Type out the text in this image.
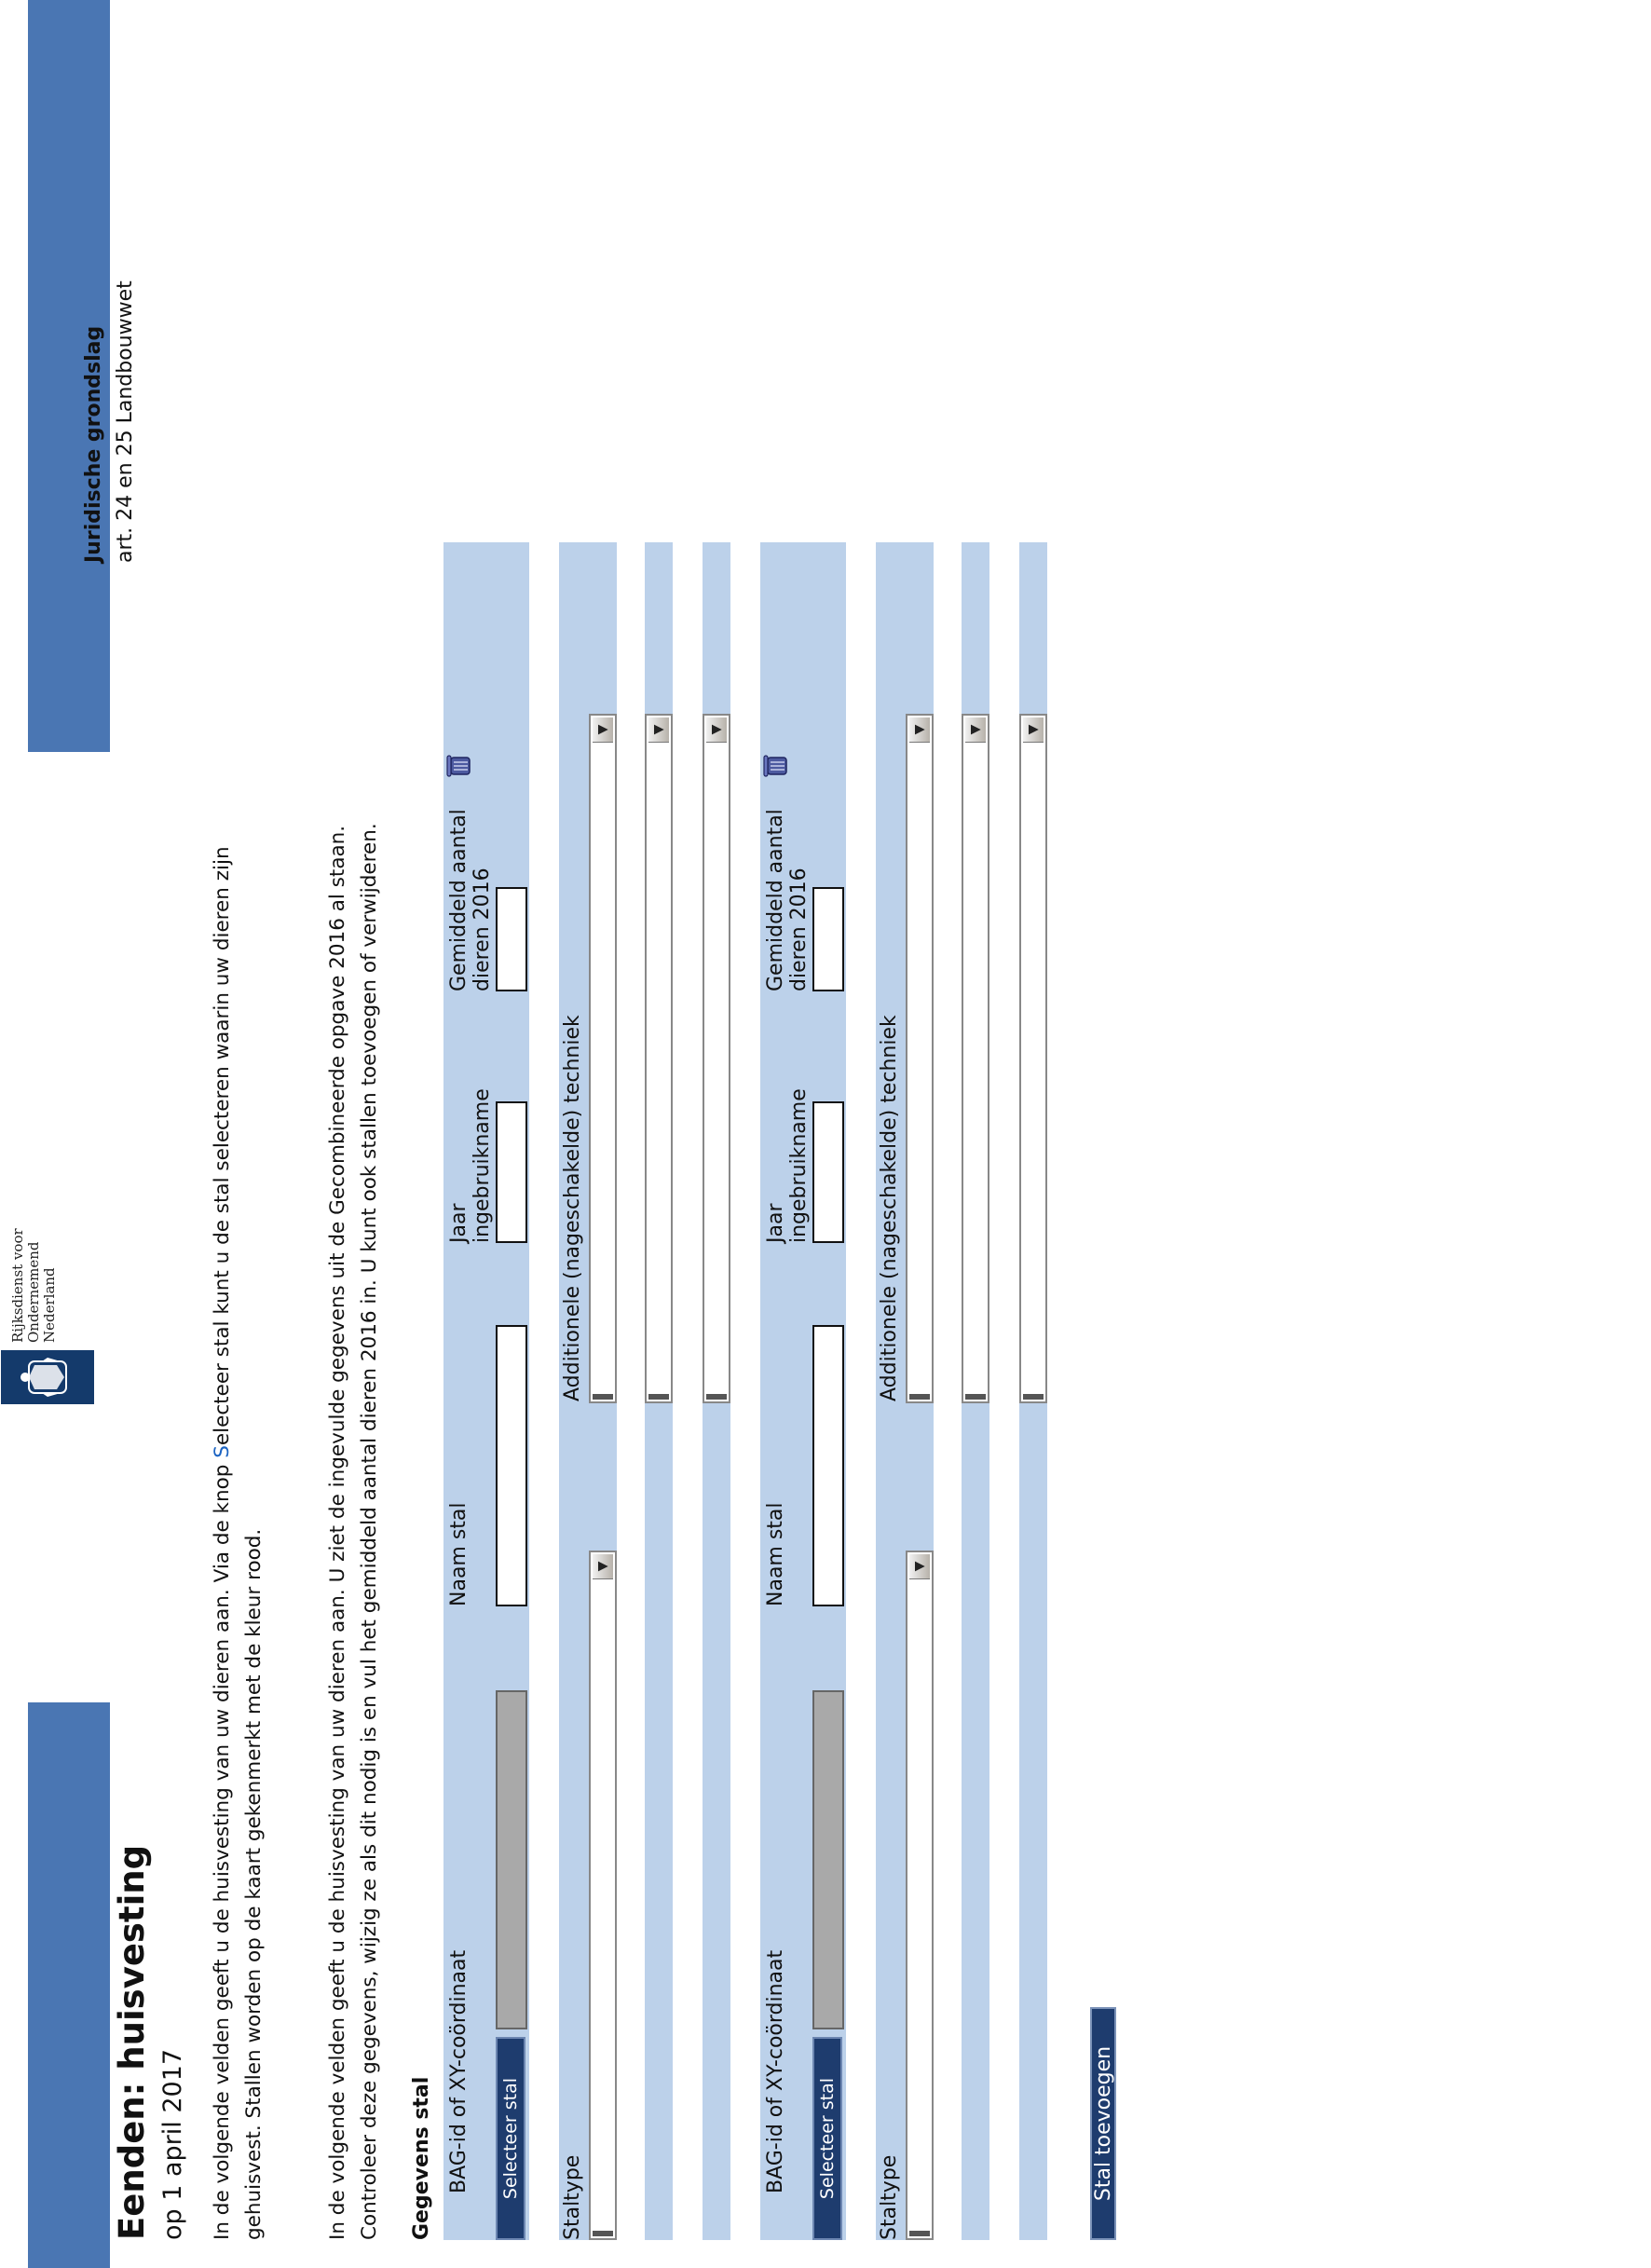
Rijksdienst voor Ondernemend Nederland
Eenden: huisvesting op 1 april 2017
Juridische grondslag art. 24 en 25 Landbouwwet
In de volgende velden geeft u de huisvesting van uw dieren aan. Via de knop Selecteer stal kunt u de stal selecteren waarin uw dieren zijn
gehuisvest. Stallen worden op de kaart gekenmerkt met de kleur rood.	In de volgende velden geeft u de huisvesting van uw dieren aan. U ziet de ingevulde gegevens uit de Gecombineerde opgave 2016 al staan. Controleer deze gegevens, wijzig ze als dit nodig is en vul het gemiddeld aantal dieren 2016 in. U kunt ook stallen toevoegen of verwijderen. Gegevens stal BAG-id of XY-coördinaat Selecteer stal
Naam stal
Jaar ingebruikname
Gemiddeld aantal dieren 2016
Staltype
▼
Additionele (nageschakelde) techniek
▼	▼	▼
BAG-id of XY-coördinaat Selecteer stal
Naam stal
Jaar ingebruikname
Gemiddeld aantal dieren 2016
Staltype
▼
Additionele (nageschakelde) techniek
▼	▼	▼
Stal toevoegen
